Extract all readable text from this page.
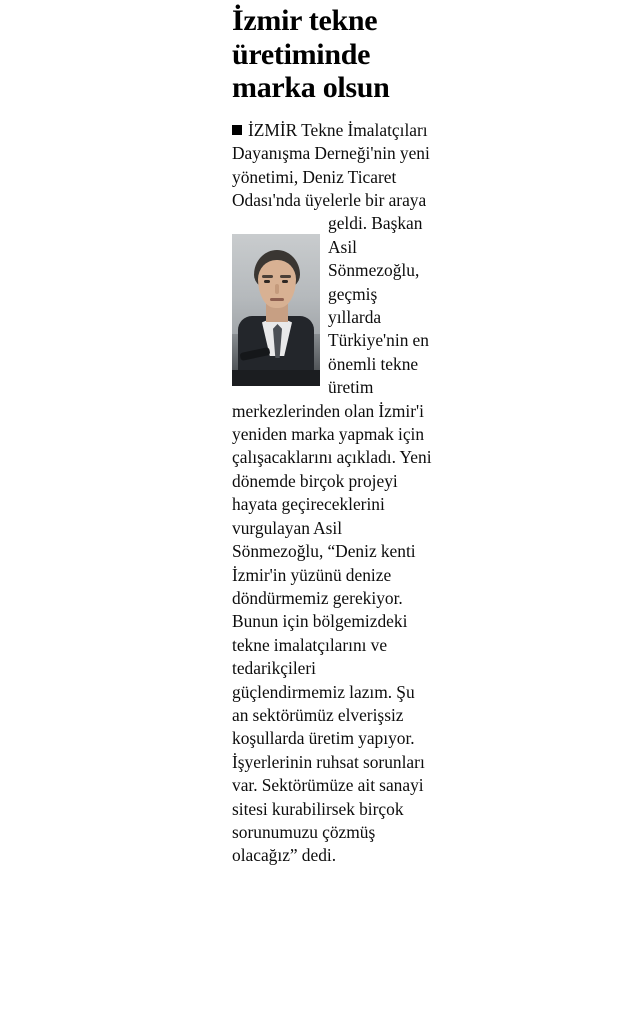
İzmir tekne
üretiminde
marka olsun
İZMİR Tekne İmalatçıları Dayanışma Derneği'nin yeni yönetimi, Deniz Ticaret Odası'nda üyelerle bir araya geldi. Başkan Asil Sönmezoğlu, geçmiş yıllarda Türkiye'nin en önemli tekne üretim merkezlerinden olan İzmir'i yeniden marka yapmak için çalışacaklarını açıkladı. Yeni dönemde birçok projeyi hayata geçireceklerini vurgulayan Asil Sönmezoğlu, “Deniz kenti İzmir'in yüzünü denize döndürmemiz gerekiyor. Bunun için bölgemizdeki tekne imalatçılarını ve tedarikçileri güçlendirmemiz lazım. Şu an sektörümüz elverişsiz koşullarda üretim yapıyor. İşyerlerinin ruhsat sorunları var. Sektörümüze ait sanayi sitesi kurabilirsek birçok sorunumuzu çözmüş olacağız” dedi.
